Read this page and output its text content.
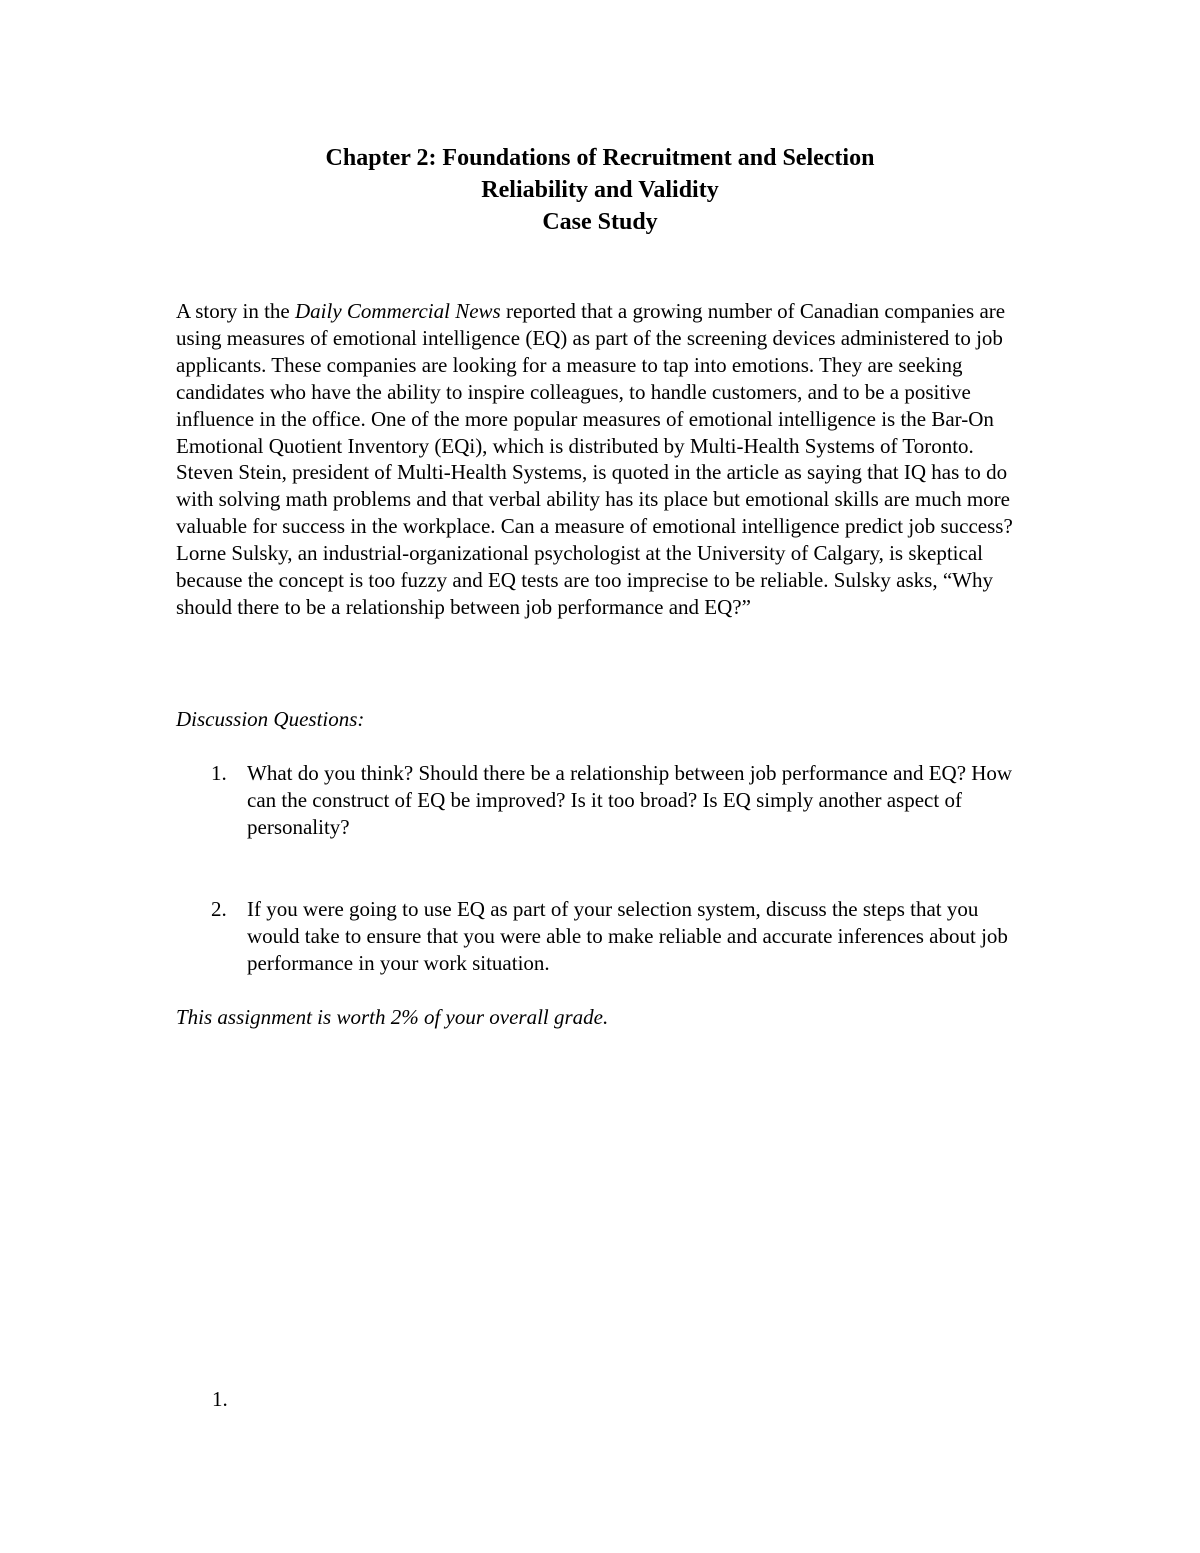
Chapter 2: Foundations of Recruitment and Selection
Reliability and Validity
Case Study

A story in the Daily Commercial News reported that a growing number of Canadian companies are using measures of emotional intelligence (EQ) as part of the screening devices administered to job applicants. These companies are looking for a measure to tap into emotions. They are seeking candidates who have the ability to inspire colleagues, to handle customers, and to be a positive influence in the office. One of the more popular measures of emotional intelligence is the Bar-On Emotional Quotient Inventory (EQi), which is distributed by Multi-Health Systems of Toronto. Steven Stein, president of Multi-Health Systems, is quoted in the article as saying that IQ has to do with solving math problems and that verbal ability has its place but emotional skills are much more valuable for success in the workplace. Can a measure of emotional intelligence predict job success? Lorne Sulsky, an industrial-organizational psychologist at the University of Calgary, is skeptical because the concept is too fuzzy and EQ tests are too imprecise to be reliable. Sulsky asks, “Why should there to be a relationship between job performance and EQ?”

Discussion Questions:
1. What do you think? Should there be a relationship between job performance and EQ? How can the construct of EQ be improved? Is it too broad? Is EQ simply another aspect of personality?
2. If you were going to use EQ as part of your selection system, discuss the steps that you would take to ensure that you were able to make reliable and accurate inferences about job performance in your work situation.
This assignment is worth 2% of your overall grade.
1.
